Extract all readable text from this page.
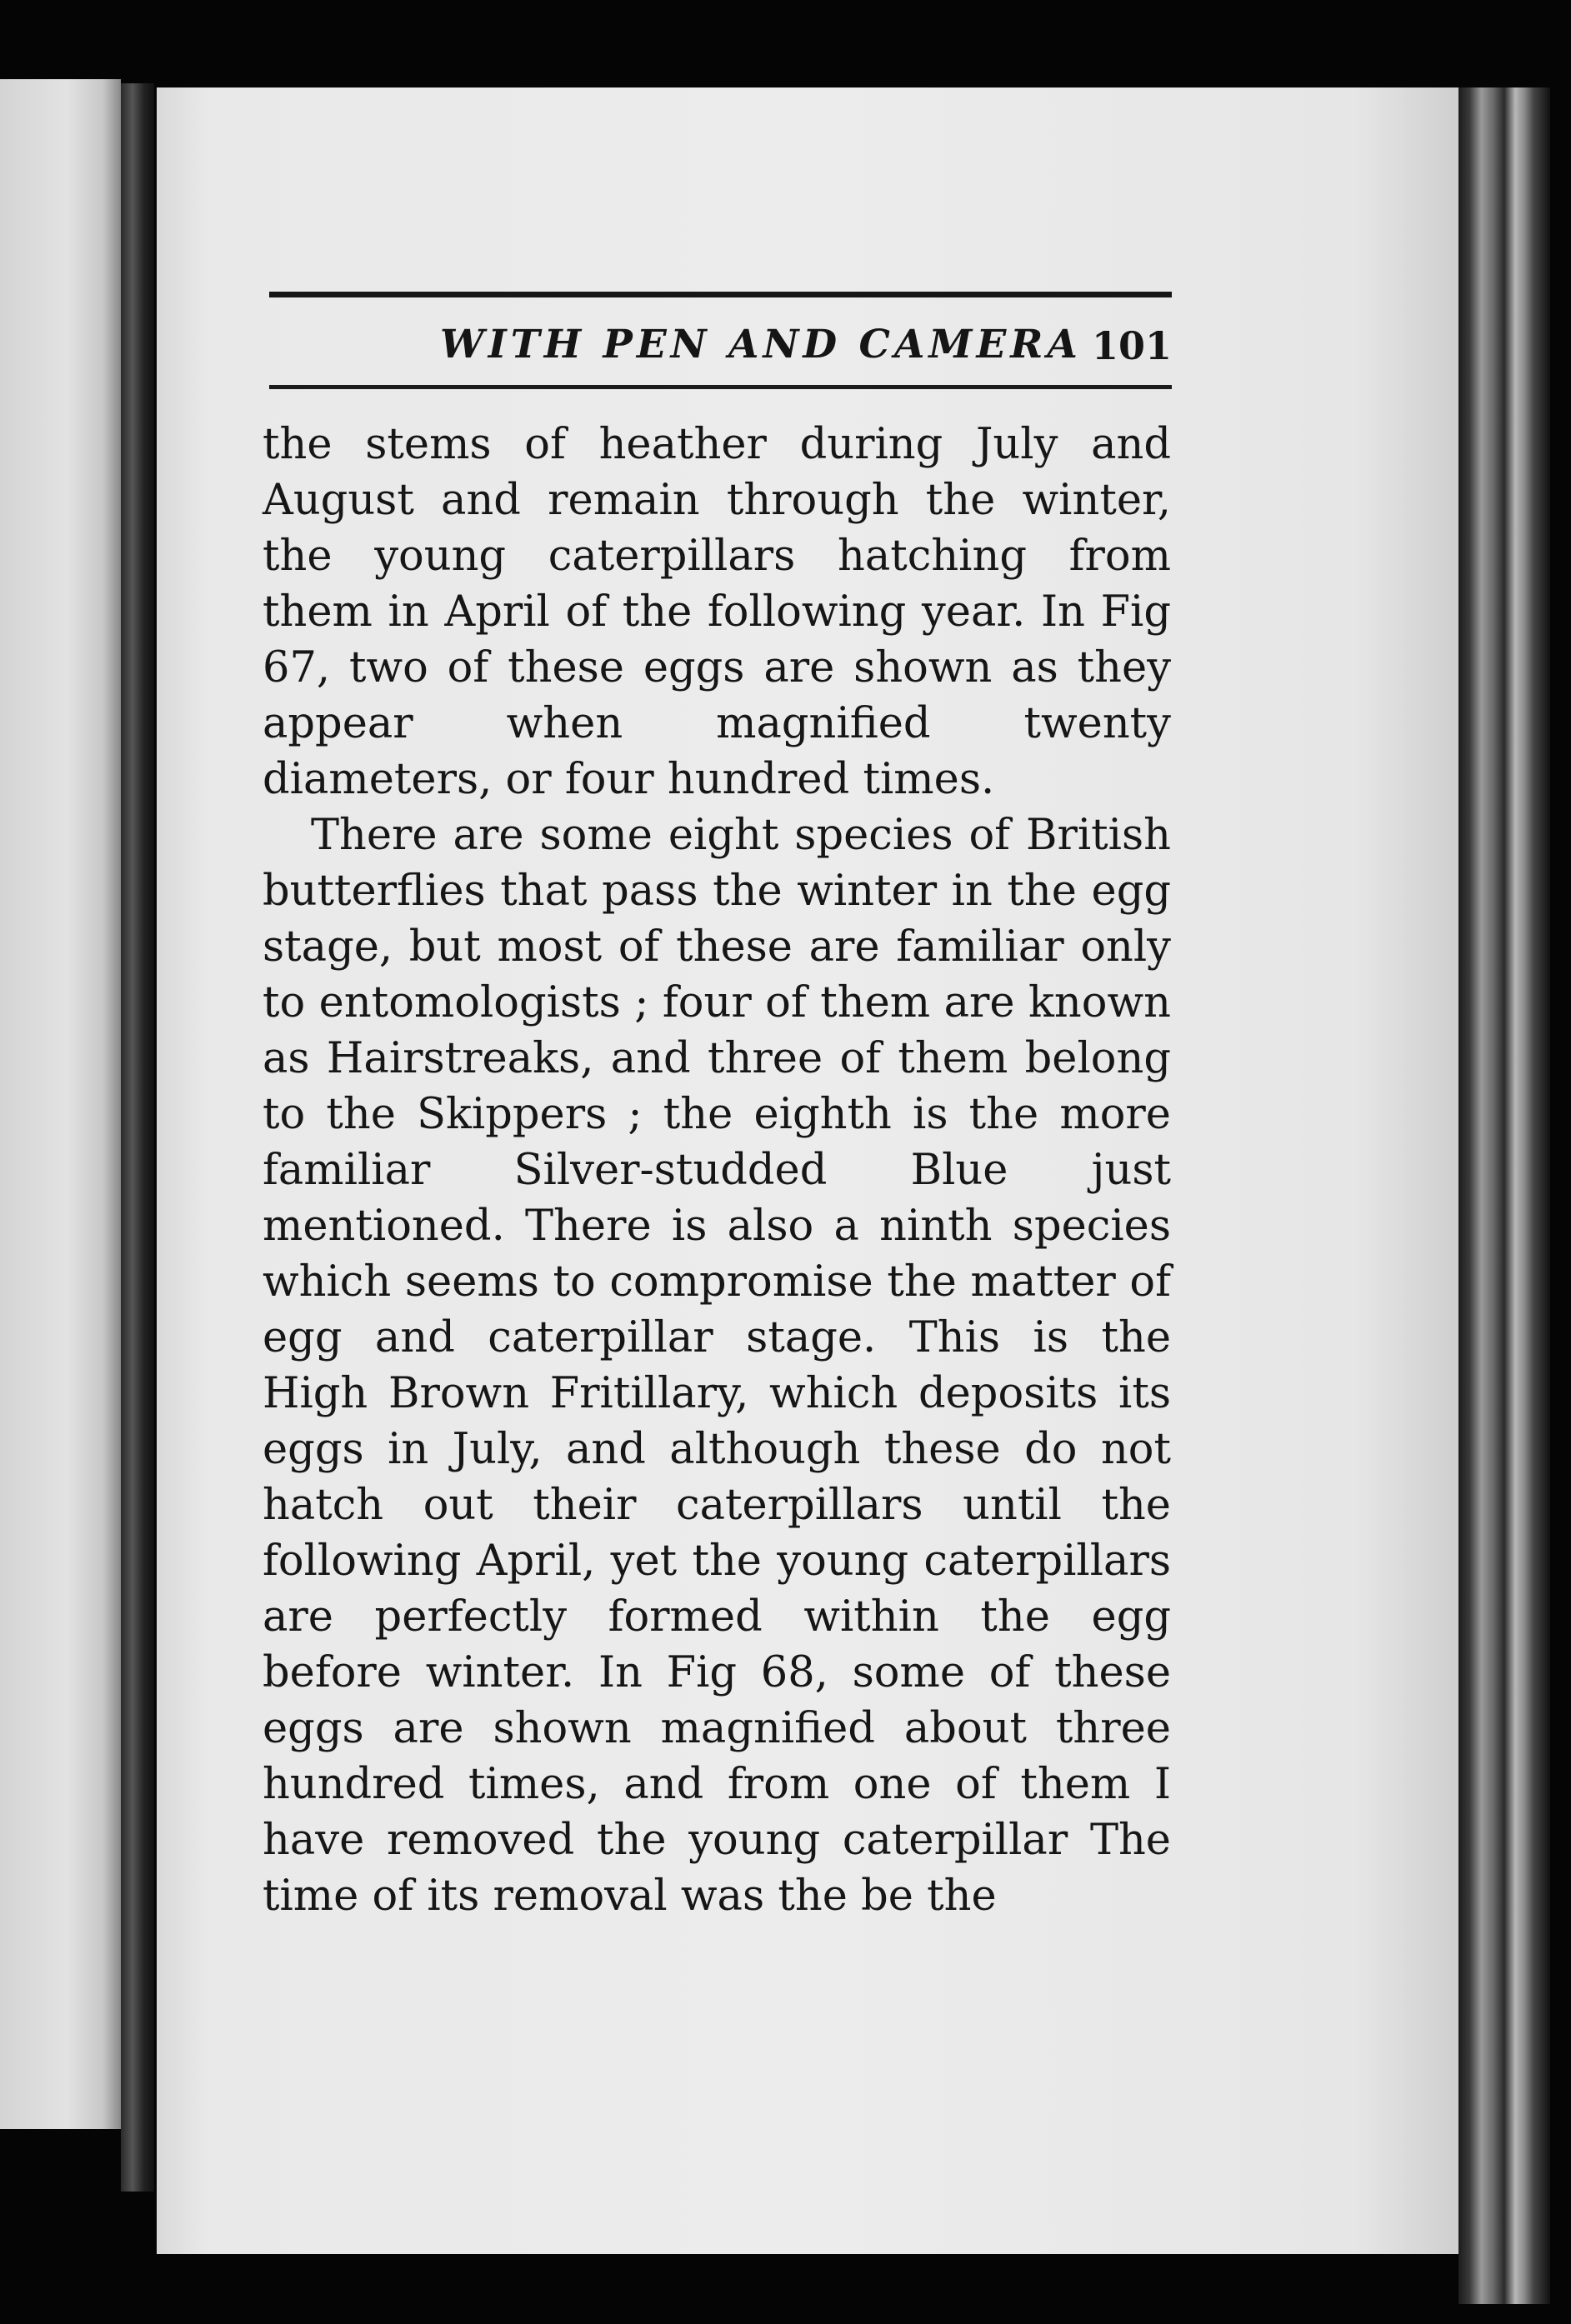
WITH PEN AND CAMERA 101

the stems of heather during July and August and remain through the winter, the young caterpillars hatching from them in April of the following year. In Fig 67, two of these eggs are shown as they appear when magnified twenty diameters, or four hundred times.

There are some eight species of British butterflies that pass the winter in the egg stage, but most of these are familiar only to entomologists ; four of them are known as Hairstreaks, and three of them belong to the Skippers ; the eighth is the more familiar Silver-studded Blue just mentioned. There is also a ninth species which seems to compromise the matter of egg and caterpillar stage. This is the High Brown Fritillary, which deposits its eggs in July, and although these do not hatch out their caterpillars until the following April, yet the young caterpillars are perfectly formed within the egg before winter. In Fig 68, some of these eggs are shown magnified about three hundred times, and from one of them I have removed the young caterpillar The time of its removal was the be the
